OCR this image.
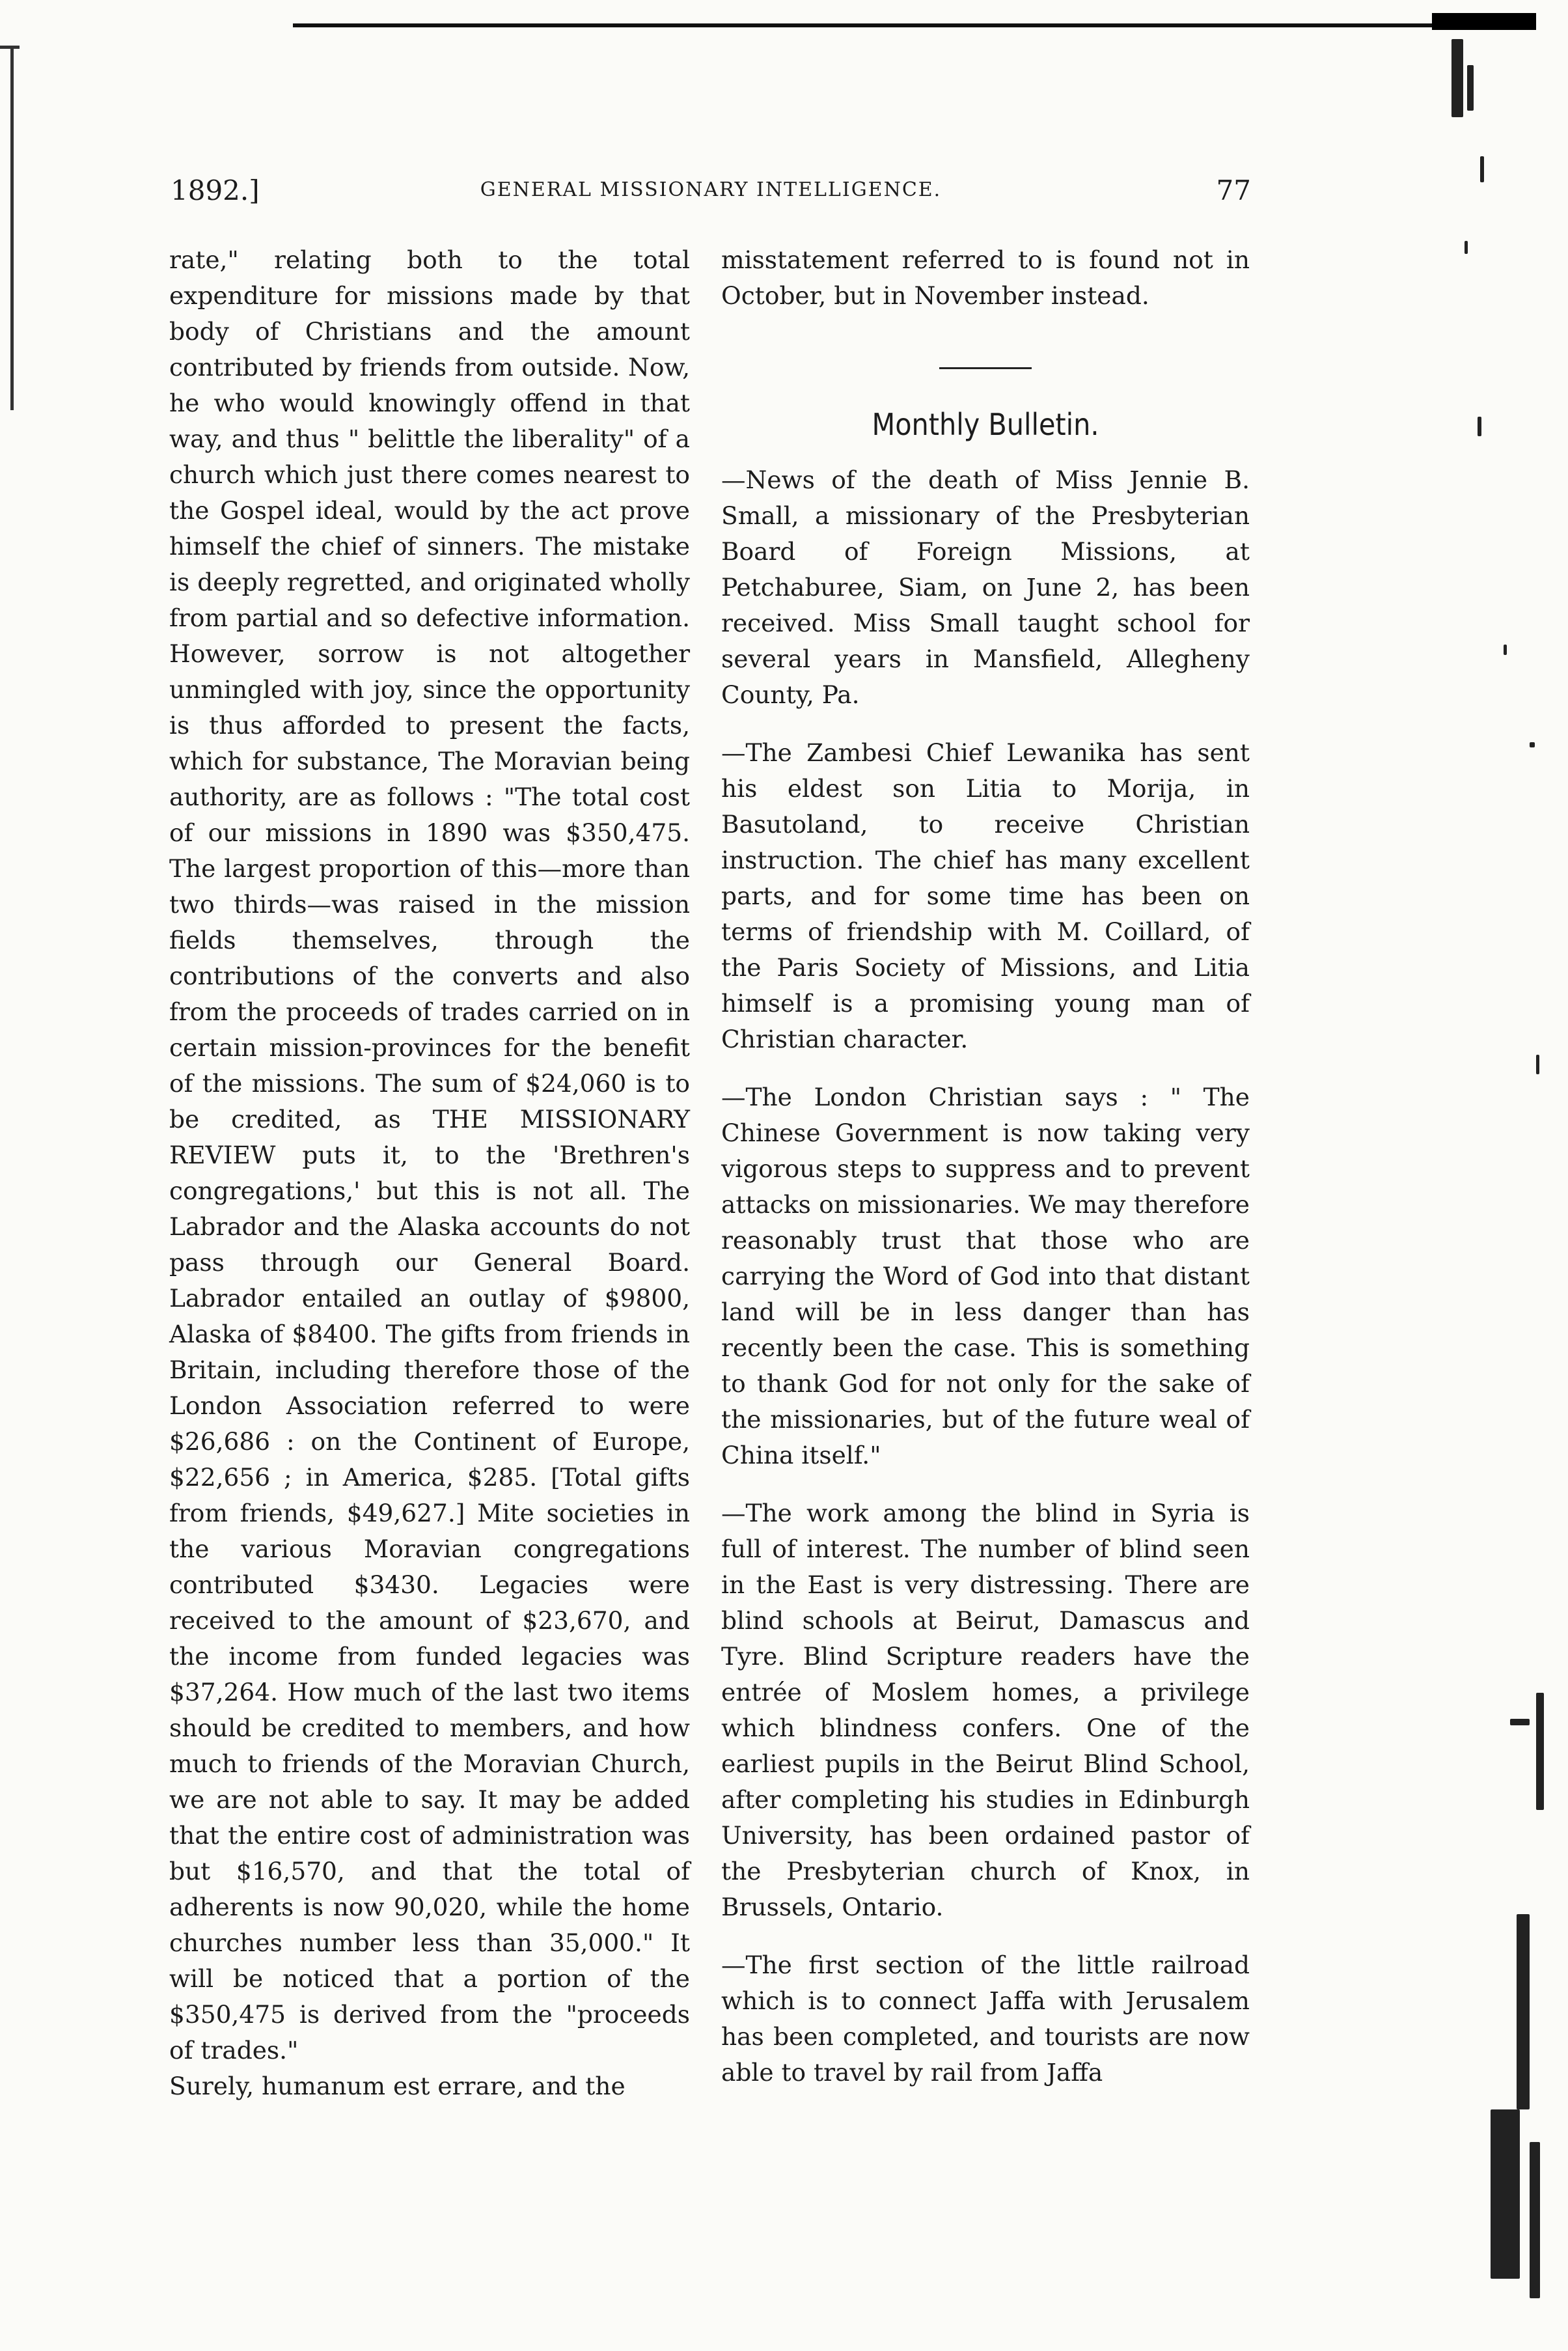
1892.]	GENERAL MISSIONARY INTELLIGENCE.	77

rate," relating both to the total expenditure for missions made by that body of Christians and the amount contributed by friends from outside. Now, he who would knowingly offend in that way, and thus " belittle the liberality" of a church which just there comes nearest to the Gospel ideal, would by the act prove himself the chief of sinners. The mistake is deeply regretted, and originated wholly from partial and so defective information. However, sorrow is not altogether unmingled with joy, since the opportunity is thus afforded to present the facts, which for substance, The Moravian being authority, are as follows : "The total cost of our missions in 1890 was $350,475. The largest proportion of this—more than two thirds—was raised in the mission fields themselves, through the contributions of the converts and also from the proceeds of trades carried on in certain mission-provinces for the benefit of the missions. The sum of $24,060 is to be credited, as THE MISSIONARY REVIEW puts it, to the 'Brethren's congregations,' but this is not all. The Labrador and the Alaska accounts do not pass through our General Board. Labrador entailed an outlay of $9800, Alaska of $8400. The gifts from friends in Britain, including therefore those of the London Association referred to were $26,686 : on the Continent of Europe, $22,656 ; in America, $285. [Total gifts from friends, $49,627.] Mite societies in the various Moravian congregations contributed $3430. Legacies were received to the amount of $23,670, and the income from funded legacies was $37,264. How much of the last two items should be credited to members, and how much to friends of the Moravian Church, we are not able to say. It may be added that the entire cost of administration was but $16,570, and that the total of adherents is now 90,020, while the home churches number less than 35,000." It will be noticed that a portion of the $350,475 is derived from the "proceeds of trades."

Surely, humanum est errare, and the

misstatement referred to is found not in October, but in November instead.

Monthly Bulletin.

—News of the death of Miss Jennie B. Small, a missionary of the Presbyterian Board of Foreign Missions, at Petchaburee, Siam, on June 2, has been received. Miss Small taught school for several years in Mansfield, Allegheny County, Pa.

—The Zambesi Chief Lewanika has sent his eldest son Litia to Morija, in Basutoland, to receive Christian instruction. The chief has many excellent parts, and for some time has been on terms of friendship with M. Coillard, of the Paris Society of Missions, and Litia himself is a promising young man of Christian character.

—The London Christian says : " The Chinese Government is now taking very vigorous steps to suppress and to prevent attacks on missionaries. We may therefore reasonably trust that those who are carrying the Word of God into that distant land will be in less danger than has recently been the case. This is something to thank God for not only for the sake of the missionaries, but of the future weal of China itself."

—The work among the blind in Syria is full of interest. The number of blind seen in the East is very distressing. There are blind schools at Beirut, Damascus and Tyre. Blind Scripture readers have the entrée of Moslem homes, a privilege which blindness confers. One of the earliest pupils in the Beirut Blind School, after completing his studies in Edinburgh University, has been ordained pastor of the Presbyterian church of Knox, in Brussels, Ontario.

—The first section of the little railroad which is to connect Jaffa with Jerusalem has been completed, and tourists are now able to travel by rail from Jaffa
